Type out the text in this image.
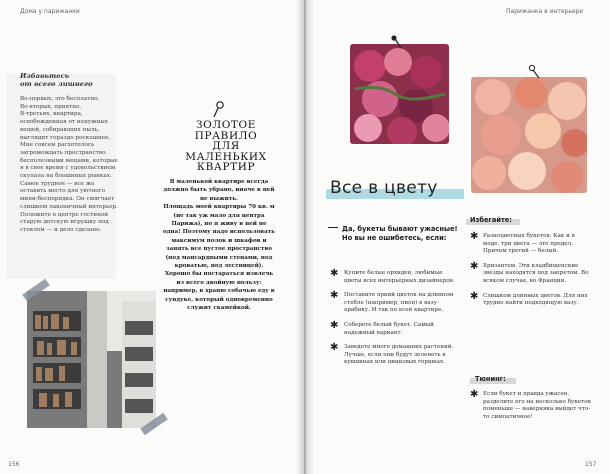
Дома у парижанки
Избавьтесь
от всего лишнего

Во-первых, это бесплатно.

Во-вторых, приятно.

В-третьих, квартира, освобожденная от ненужных вещей, собирающих пыль, выглядит гораздо роскошнее.

Мне совсем расхотелось загромождать пространство бесполезными вещами, которые я в свое время с удовольствием скупала на блошиных рынках.

Самое трудное — все же оставить место для уютного мини-беспорядка. Он смягчает слишком лаконичный интерьер. Положите в центре гостиной старую детскую игрушку под стеклом — и дело сделано.

ЗОЛОТОЕ
ПРАВИЛО
ДЛЯ МАЛЕНЬКИХ
КВАРТИР

В маленькой квартире всегда должно быть убрано, иначе в ней не выжить.

Площадь моей квартиры 70 кв. м (не так уж мало для центра Парижа), но я живу в ней не одна! Поэтому надо использовать максимум полок и шкафов и занять все пустое пространство (под мансардными стенами, под кроватью, под лестницей).

Хорошо бы постараться извлечь из всего двойную пользу: например, в храню собачью еду в сундуке, который одновременно служит скамейкой.

156
Парижанка в интерьере
Все в цвету
Да, букеты бывают ужасные! Но вы не ошибетесь, если:
✱ Купите белые орхидеи, любимые цветы всех интерьерных дизайнеров.
✱ Поставите яркий цветок на длинном стебле (например, пион) в вазу-арабику. И так по всей квартире.
✱ Соберете белый букет. Самый надежный вариант.
✱ Заведете много домашних растений. Лучше, если они будут зеленеть в кувшинах или цинковых горшках.
Избегайте:
✱ Разноцветных букетов. Как и в моде, три цвета — это предел. Причем третий — белый.
✱ Хризантем. Эти кладбищенские звезды находятся под запретом. Во всяком случае, во Франции.
✱ Слишком длинных цветов. Для них трудно найти подходящую вазу.
Тюнинг:
✱ Если букет и правда ужасен, разделите его на несколько букетов поменьше — наверняка выйдет что-то симпатичное!
157
